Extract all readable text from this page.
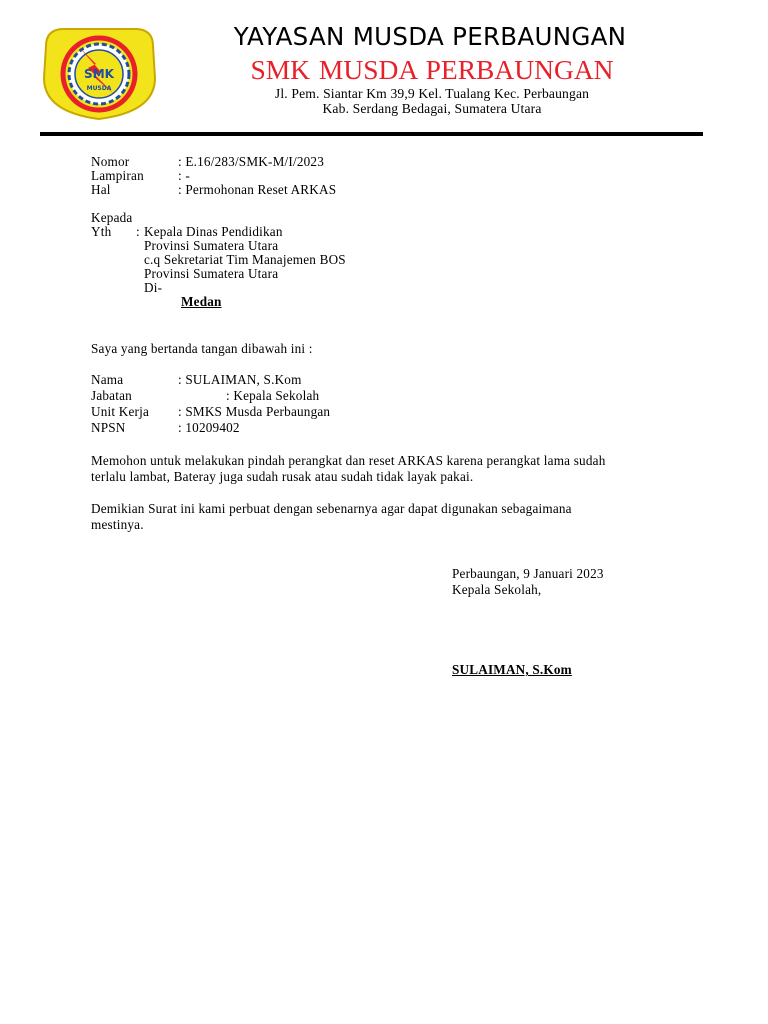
SMK
MUSDA
YAYASAN MUSDA PERBAUNGAN
SMK MUSDA PERBAUNGAN
Jl. Pem. Siantar Km 39,9 Kel. Tualang Kec. Perbaungan
Kab. Serdang Bedagai, Sumatera Utara
Nomor	: E.16/283/SMK-M/I/2023
Lampiran	: -
Hal	: Permohonan Reset ARKAS
Kepada
Yth : Kepala Dinas Pendidikan
Provinsi Sumatera Utara
c.q Sekretariat Tim Manajemen BOS
Provinsi Sumatera Utara
Di-
Medan
Saya yang bertanda tangan dibawah ini :
Nama	: SULAIMAN, S.Kom
Jabatan	: Kepala Sekolah
Unit Kerja : SMKS Musda Perbaungan
NPSN	: 10209402
Memohon untuk melakukan pindah perangkat dan reset ARKAS karena perangkat lama sudah
terlalu lambat, Bateray juga sudah rusak atau sudah tidak layak pakai.
Demikian Surat ini kami perbuat dengan sebenarnya agar dapat digunakan sebagaimana
mestinya.
Perbaungan, 9 Januari 2023
Kepala Sekolah,
SULAIMAN, S.Kom
